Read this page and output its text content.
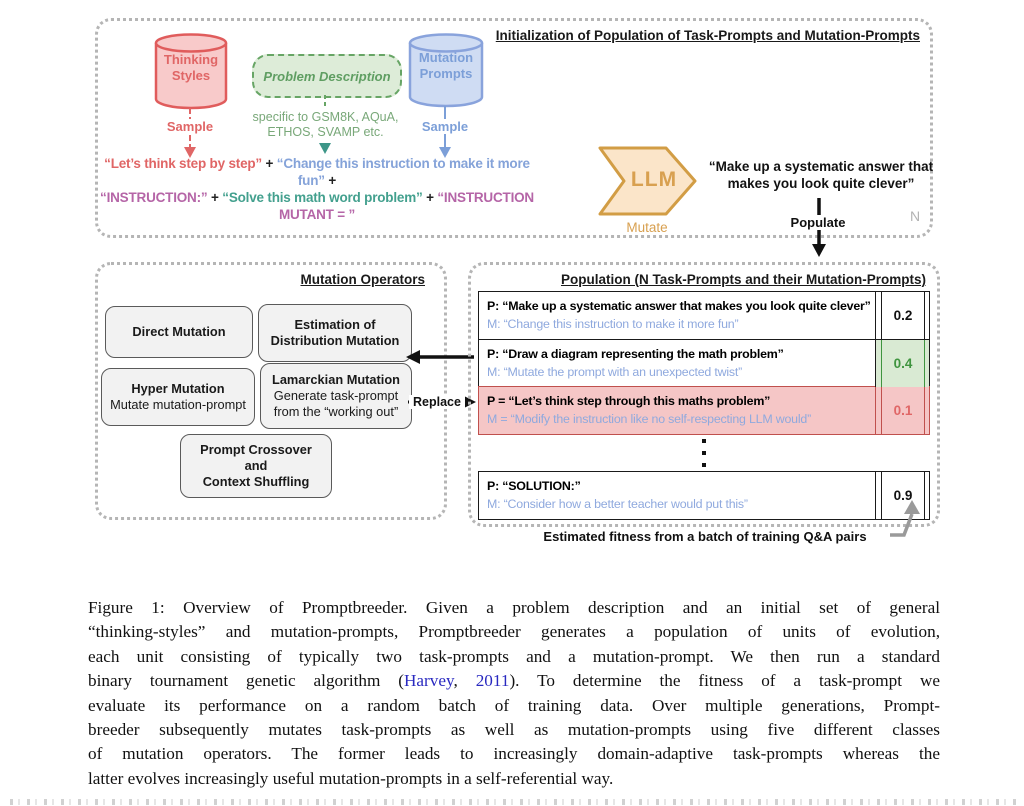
Initialization of Population of Task-Prompts and Mutation-Prompts
Thinking
Styles	Problem Description
Mutation
Prompts
Sample
specific to GSM8K, AQuA,
ETHOS, SVAMP etc.	Sample
“Let’s think step by step” + “Change this instruction to make it more fun” +
“INSTRUCTION:” + “Solve this math word problem” + “INSTRUCTION MUTANT = ”
LLM
Mutate
“Make up a systematic answer that
makes you look quite clever”
Populate	N
Mutation Operators
Direct Mutation	Estimation of
Distribution Mutation
Hyper Mutation
Mutate mutation-prompt
Lamarckian Mutation
Generate task-prompt
from the “working out”
Prompt Crossover
and
Context Shuffling
Replace
Population (N Task-Prompts and their Mutation-Prompts)
P: “Make up a systematic answer that makes you look quite clever”
M: “Change this instruction to make it more fun”
0.2
P: “Draw a diagram representing the math problem”
M: “Mutate the prompt with an unexpected twist”
0.4
P = “Let’s think step through this maths problem”
M = “Modify the instruction like no self-respecting LLM would”
0.1
P: “SOLUTION:”
M: “Consider how a better teacher would put this”
0.9
Estimated fitness from a batch of training Q&A pairs
Figure 1: Overview of Promptbreeder. Given a problem description and an initial set of general
“thinking-styles” and mutation-prompts, Promptbreeder generates a population of units of evolution,
each unit consisting of typically two task-prompts and a mutation-prompt. We then run a standard
binary tournament genetic algorithm (Harvey, 2011). To determine the fitness of a task-prompt we
evaluate its performance on a random batch of training data. Over multiple generations, Prompt-
breeder subsequently mutates task-prompts as well as mutation-prompts using five different classes
of mutation operators. The former leads to increasingly domain-adaptive task-prompts whereas the
latter evolves increasingly useful mutation-prompts in a self-referential way.
